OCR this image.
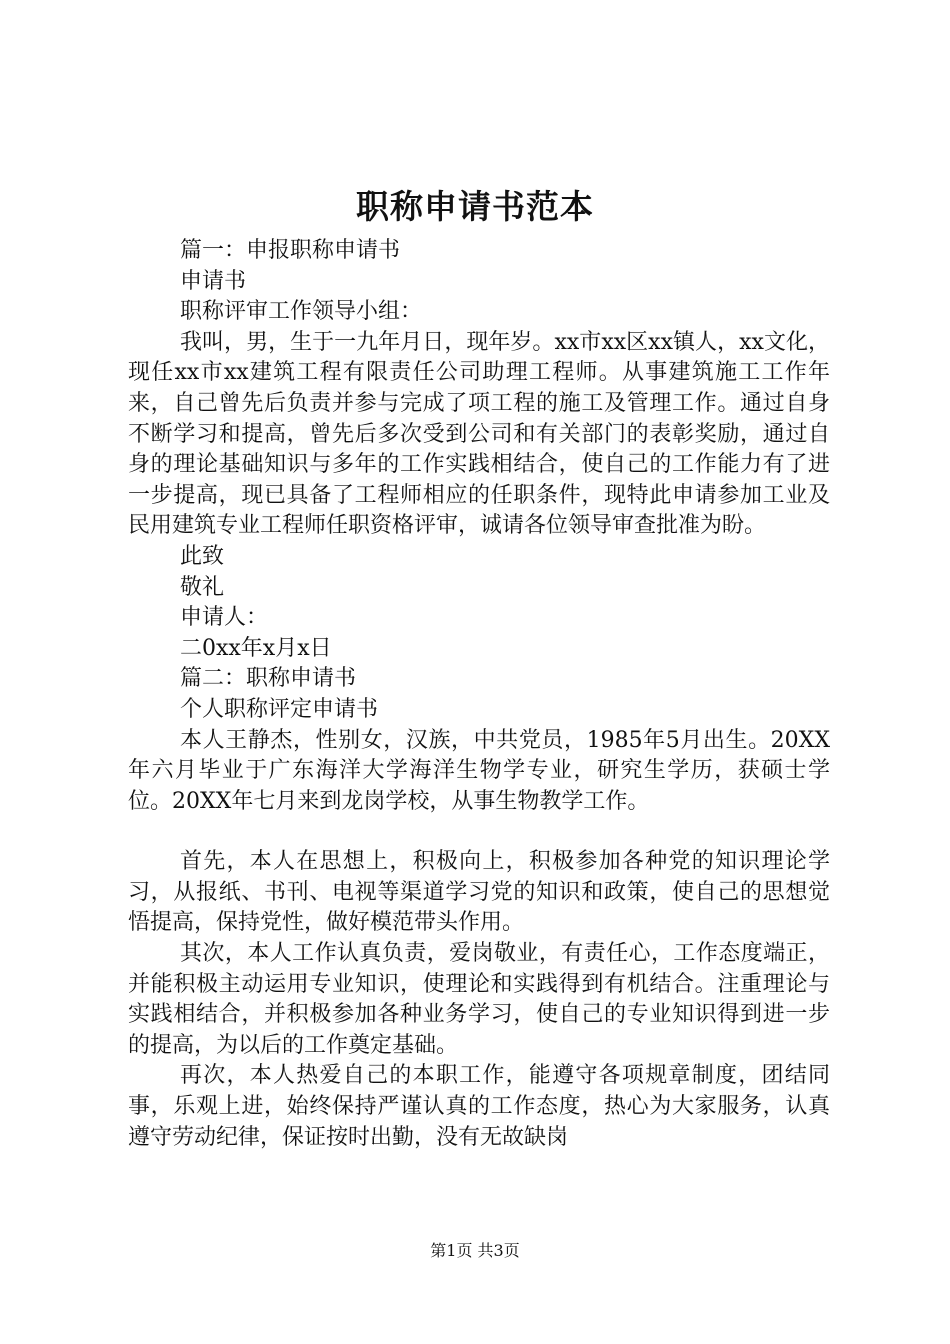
职称申请书范本

篇一：申报职称申请书

申请书

职称评审工作领导小组：

我叫，男，生于一九年月日，现年岁。xx市xx区xx镇人，xx文化，现任xx市xx建筑工程有限责任公司助理工程师。从事建筑施工工作年来，自己曾先后负责并参与完成了项工程的施工及管理工作。通过自身不断学习和提高，曾先后多次受到公司和有关部门的表彰奖励，通过自身的理论基础知识与多年的工作实践相结合，使自己的工作能力有了进一步提高，现已具备了工程师相应的任职条件，现特此申请参加工业及民用建筑专业工程师任职资格评审，诚请各位领导审查批准为盼。

此致

敬礼

申请人：

二0xx年x月x日

篇二：职称申请书

个人职称评定申请书

本人王静杰，性别女，汉族，中共党员，1985年5月出生。20XX年六月毕业于广东海洋大学海洋生物学专业，研究生学历，获硕士学位。20XX年七月来到龙岗学校，从事生物教学工作。

首先，本人在思想上，积极向上，积极参加各种党的知识理论学习，从报纸、书刊、电视等渠道学习党的知识和政策，使自己的思想觉悟提高，保持党性，做好模范带头作用。

其次，本人工作认真负责，爱岗敬业，有责任心，工作态度端正，并能积极主动运用专业知识，使理论和实践得到有机结合。注重理论与实践相结合，并积极参加各种业务学习，使自己的专业知识得到进一步的提高，为以后的工作奠定基础。

再次，本人热爱自己的本职工作，能遵守各项规章制度，团结同事，乐观上进，始终保持严谨认真的工作态度，热心为大家服务，认真遵守劳动纪律，保证按时出勤，没有无故缺岗

第1页 共3页
